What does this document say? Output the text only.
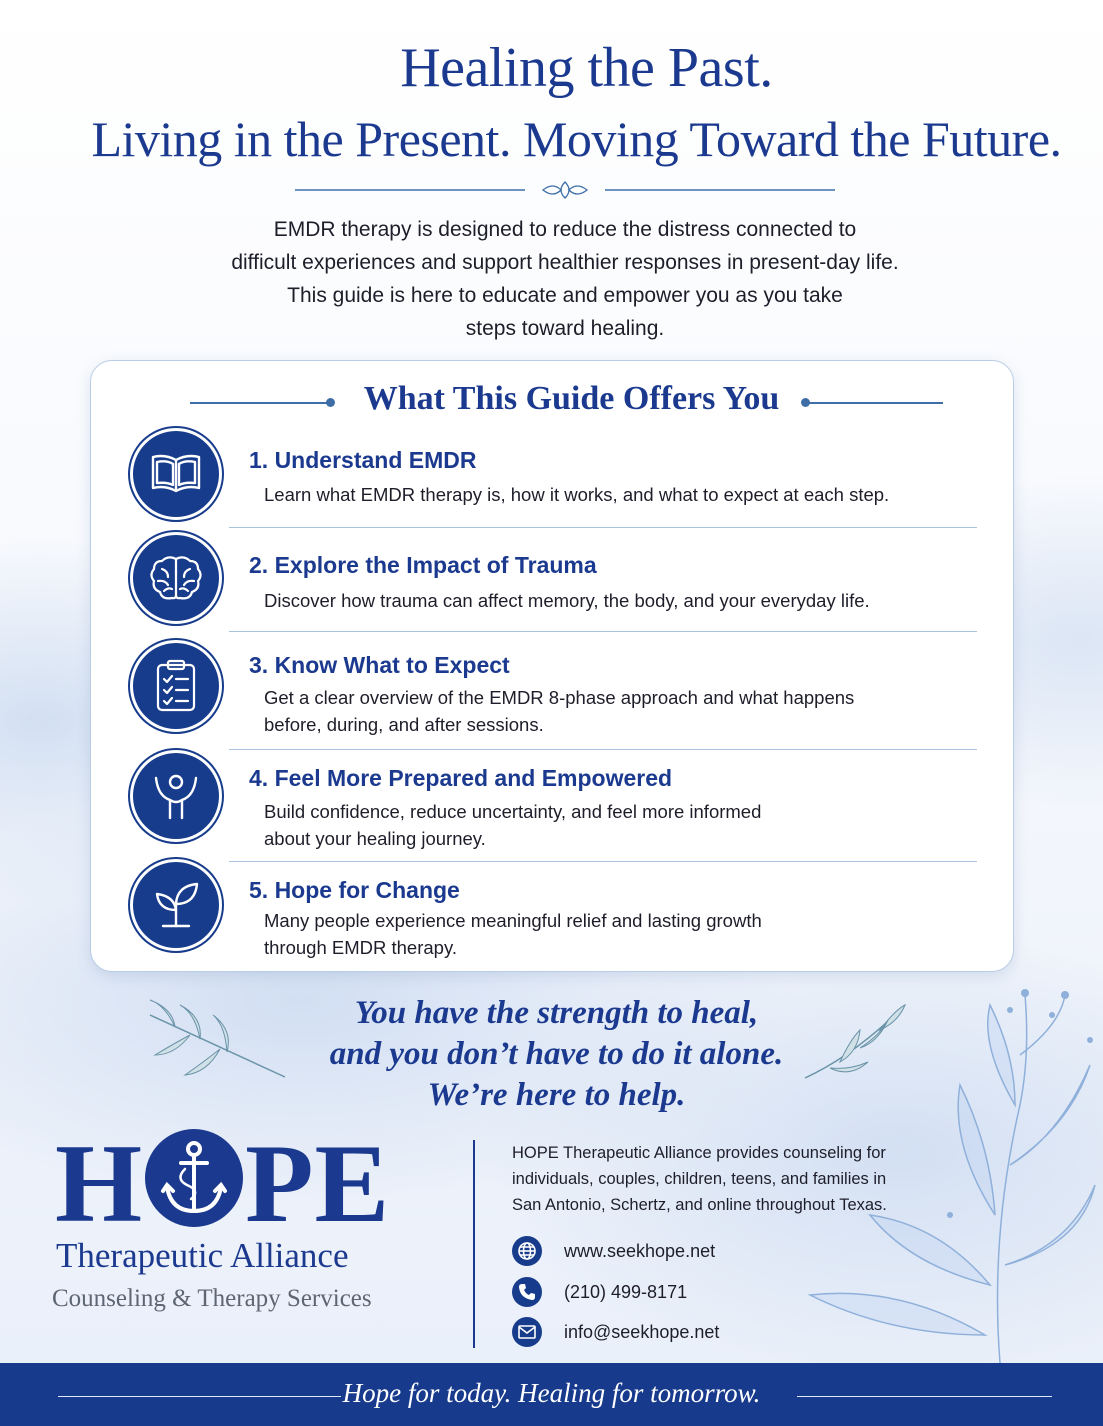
Healing the Past.
Living in the Present. Moving Toward the Future.
EMDR therapy is designed to reduce the distress connected to
difficult experiences and support healthier responses in present-day life.
This guide is here to educate and empower you as you take
steps toward healing.
What This Guide Offers You
1. Understand EMDR
Learn what EMDR therapy is, how it works, and what to expect at each step.
2. Explore the Impact of Trauma
Discover how trauma can affect memory, the body, and your everyday life.
3. Know What to Expect
Get a clear overview of the EMDR 8-phase approach and what happens
before, during, and after sessions.
4. Feel More Prepared and Empowered
Build confidence, reduce uncertainty, and feel more informed
about your healing journey.
5. Hope for Change
Many people experience meaningful relief and lasting growth
through EMDR therapy.
You have the strength to heal,
and you don’t have to do it alone.
We’re here to help.
H PE
Therapeutic Alliance
Counseling & Therapy Services
HOPE Therapeutic Alliance provides counseling for
individuals, couples, children, teens, and families in
San Antonio, Schertz, and online throughout Texas.
www.seekhope.net
(210) 499-8171
info@seekhope.net
Hope for today. Healing for tomorrow.
